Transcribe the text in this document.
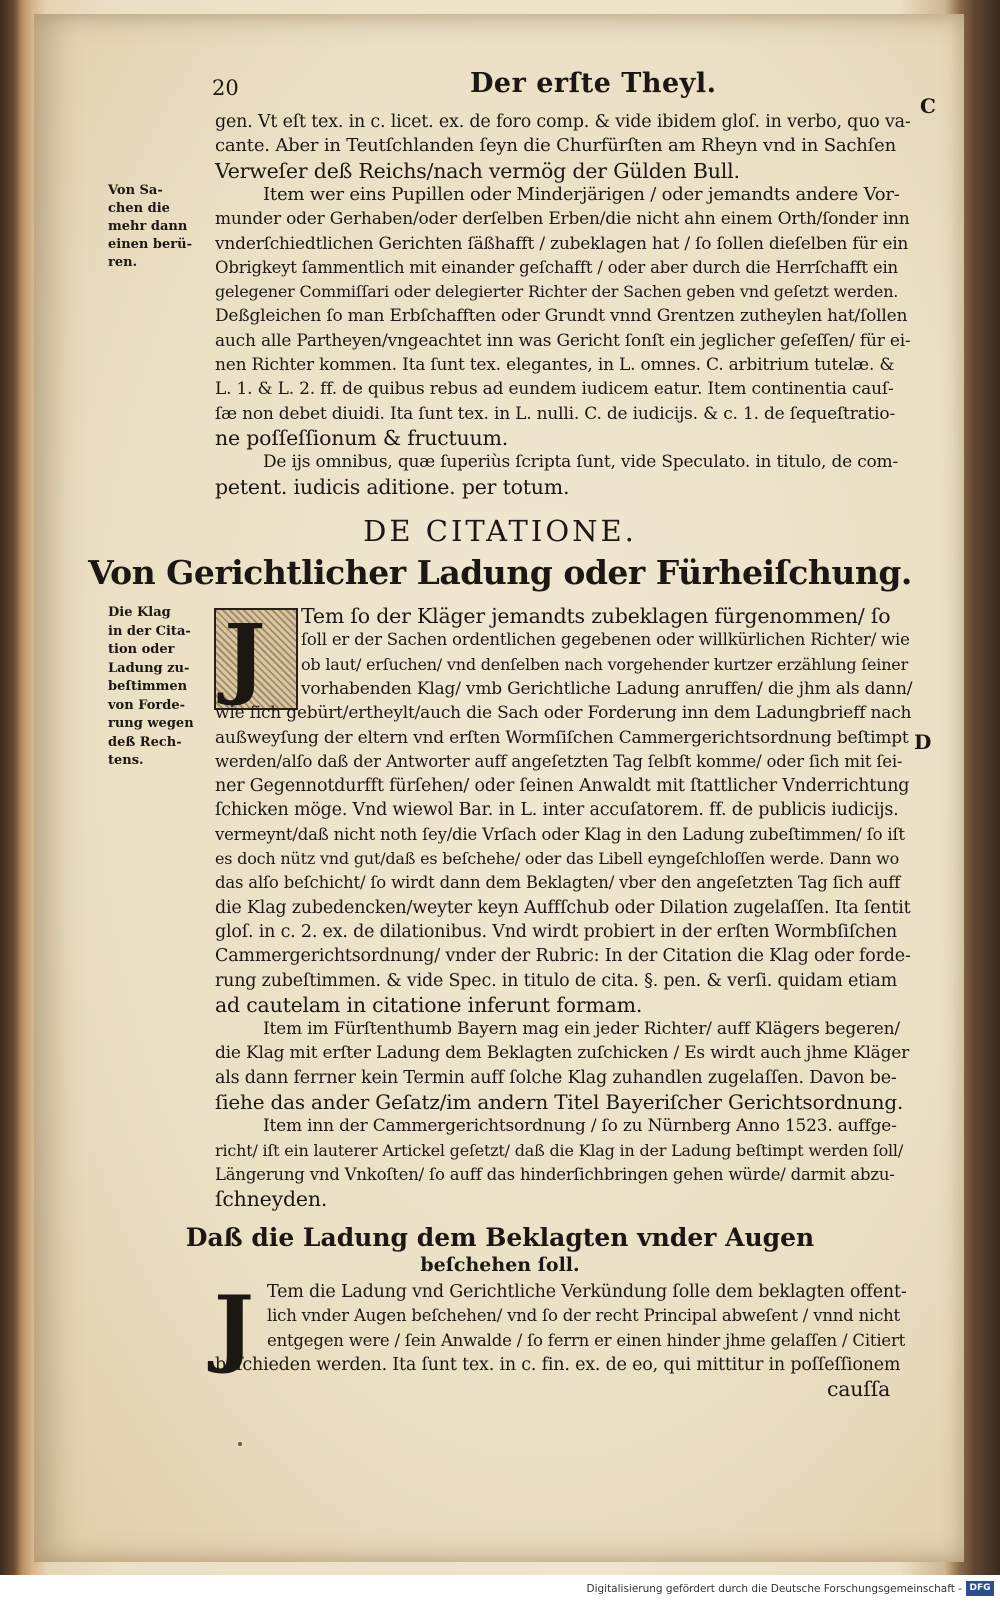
20	Der erſte Theyl.
C
gen. Vt eſt tex. in c. licet. ex. de foro comp. & vide ibidem gloſ. in verbo, quo va-
cante. Aber in Teutſchlanden ſeyn die Churfürſten am Rheyn vnd in Sachſen
Verweſer deß Reichs/nach vermög der Gülden Bull.
Item wer eins Pupillen oder Minderjärigen / oder jemandts andere Vor-
munder oder Gerhaben/oder derſelben Erben/die nicht ahn einem Orth/ſonder inn
vnderſchiedtlichen Gerichten ſäßhafft / zubeklagen hat / ſo ſollen dieſelben für ein
Obrigkeyt ſammentlich mit einander geſchafft / oder aber durch die Herrſchafft ein
gelegener Commiſſari oder delegierter Richter der Sachen geben vnd geſetzt werden.
Deßgleichen ſo man Erbſchafften oder Grundt vnnd Grentzen zutheylen hat/ſollen
auch alle Partheyen/vngeachtet inn was Gericht ſonſt ein jeglicher geſeſſen/ für ei-
nen Richter kommen. Ita ſunt tex. elegantes, in L. omnes. C. arbitrium tutelæ. &
L. 1. & L. 2. ff. de quibus rebus ad eundem iudicem eatur. Item continentia cauſ-
ſæ non debet diuidi. Ita ſunt tex. in L. nulli. C. de iudicijs. & c. 1. de ſequeſtratio-
ne poſſeſſionum & fructuum.
De ijs omnibus, quæ ſuperiùs ſcripta ſunt, vide Speculato. in titulo, de com-
petent. iudicis aditione. per totum.
Von Sa-
chen die
mehr dann
einen berü-
ren.
DE CITATIONE.
Von Gerichtlicher Ladung oder Fürheiſchung.
J Tem ſo der Kläger jemandts zubeklagen fürgenommen/ ſo
ſoll er der Sachen ordentlichen gegebenen oder willkürlichen Richter/ wie
ob laut/ erſuchen/ vnd denſelben nach vorgehender kurtzer erzählung ſeiner
vorhabenden Klag/ vmb Gerichtliche Ladung anruffen/ die jhm als dann/
wie ſich gebürt/ertheylt/auch die Sach oder Forderung inn dem Ladungbrieff nach
außweyſung der eltern vnd erſten Wormſiſchen Cammergerichtsordnung beſtimpt
werden/alſo daß der Antworter auff angeſetzten Tag ſelbſt komme/ oder ſich mit ſei-
ner Gegennotdurfft fürſehen/ oder ſeinen Anwaldt mit ſtattlicher Vnderrichtung
ſchicken möge. Vnd wiewol Bar. in L. inter accuſatorem. ff. de publicis iudicijs.
vermeynt/daß nicht noth ſey/die Vrſach oder Klag in den Ladung zubeſtimmen/ ſo iſt
es doch nütz vnd gut/daß es beſchehe/ oder das Libell eyngeſchloſſen werde. Dann wo
das alſo beſchicht/ ſo wirdt dann dem Beklagten/ vber den angeſetzten Tag ſich auff
die Klag zubedencken/weyter keyn Auffſchub oder Dilation zugelaſſen. Ita ſentit
gloſ. in c. 2. ex. de dilationibus. Vnd wirdt probiert in der erſten Wormbſiſchen
Cammergerichtsordnung/ vnder der Rubric: In der Citation die Klag oder forde-
rung zubeſtimmen. & vide Spec. in titulo de cita. §. pen. & verſi. quidam etiam
ad cautelam in citatione inferunt formam.
Item im Fürſtenthumb Bayern mag ein jeder Richter/ auff Klägers begeren/
die Klag mit erſter Ladung dem Beklagten zuſchicken / Es wirdt auch jhme Kläger
als dann ferrner kein Termin auff ſolche Klag zuhandlen zugelaſſen. Davon be-
ſiehe das ander Geſatz/im andern Titel Bayeriſcher Gerichtsordnung.
Item inn der Cammergerichtsordnung / ſo zu Nürnberg Anno 1523. auffge-
richt/ iſt ein lauterer Artickel geſetzt/ daß die Klag in der Ladung beſtimpt werden ſoll/
Längerung vnd Vnkoſten/ ſo auff das hinderſichbringen gehen würde/ darmit abzu-
ſchneyden.
Die Klag
in der Cita-
tion oder
Ladung zu-
beſtimmen
von Forde-
rung wegen
deß Rech-
tens.
D
Daß die Ladung dem Beklagten vnder Augen
beſchehen ſoll.
J Tem die Ladung vnd Gerichtliche Verkündung ſolle dem beklagten offent-
lich vnder Augen beſchehen/ vnd ſo der recht Principal abweſent / vnnd nicht
entgegen were / ſein Anwalde / ſo ferrn er einen hinder jhme gelaſſen / Citiert
beſchieden werden. Ita ſunt tex. in c. fin. ex. de eo, qui mittitur in poſſeſſionem
cauſſa
Digitalisierung gefördert durch die Deutsche Forschungsgemeinschaft - DFG
